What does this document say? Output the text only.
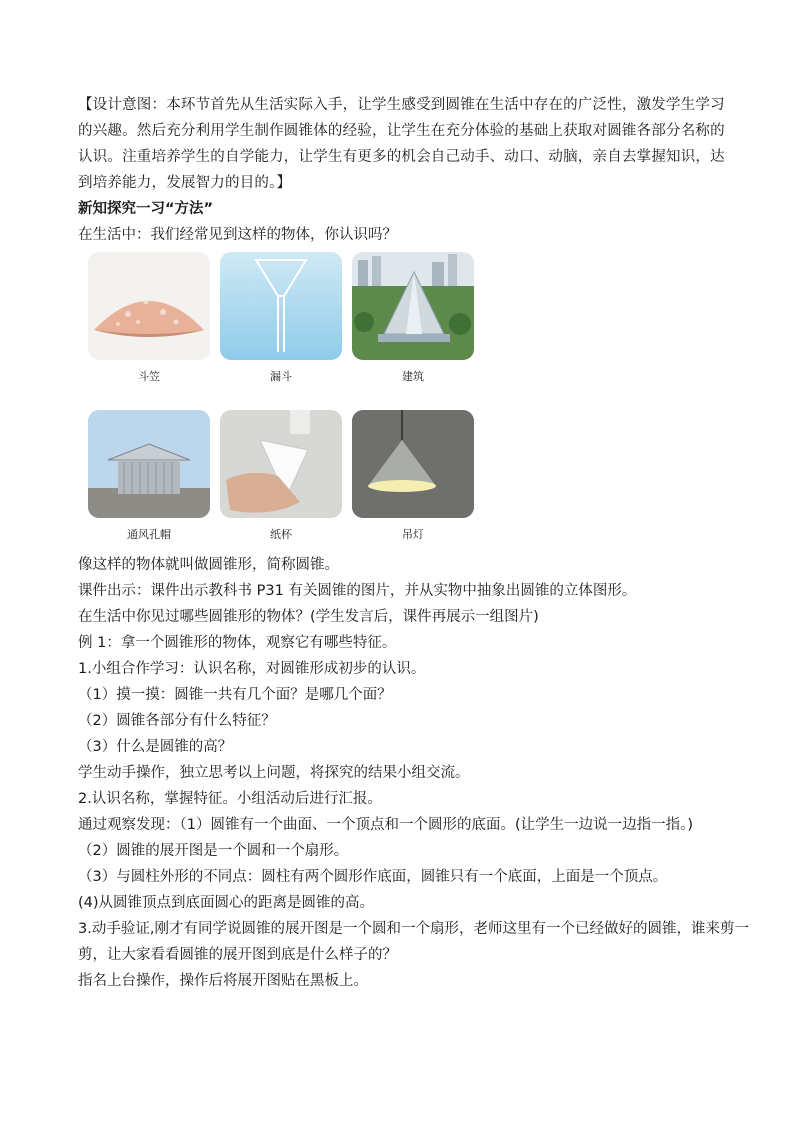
【设计意图：本环节首先从生活实际入手，让学生感受到圆锥在生活中存在的广泛性，激发学生学习的兴趣。然后充分利用学生制作圆锥体的经验，让学生在充分体验的基础上获取对圆锥各部分名称的认识。注重培养学生的自学能力，让学生有更多的机会自己动手、动口、动脑，亲自去掌握知识，达到培养能力，发展智力的目的。】

新知探究一习“方法”

在生活中：我们经常见到这样的物体，你认识吗？

斗笠	漏斗	建筑
通风孔帽	纸杯	吊灯

像这样的物体就叫做圆锥形，简称圆锥。

课件出示：课件出示教科书 P31 有关圆锥的图片，并从实物中抽象出圆锥的立体图形。

在生活中你见过哪些圆锥形的物体？(学生发言后，课件再展示一组图片)

例 1：拿一个圆锥形的物体，观察它有哪些特征。

1.小组合作学习：认识名称，对圆锥形成初步的认识。

（1）摸一摸：圆锥一共有几个面？是哪几个面？

（2）圆锥各部分有什么特征？

（3）什么是圆锥的高？

学生动手操作，独立思考以上问题，将探究的结果小组交流。

2.认识名称，掌握特征。小组活动后进行汇报。

通过观察发现：（1）圆锥有一个曲面、一个顶点和一个圆形的底面。(让学生一边说一边指一指。)

（2）圆锥的展开图是一个圆和一个扇形。

（3）与圆柱外形的不同点：圆柱有两个圆形作底面，圆锥只有一个底面，上面是一个顶点。

(4)从圆锥顶点到底面圆心的距离是圆锥的高。

3.动手验证,刚才有同学说圆锥的展开图是一个圆和一个扇形，老师这里有一个已经做好的圆锥，谁来剪一

剪，让大家看看圆锥的展开图到底是什么样子的？

指名上台操作，操作后将展开图贴在黑板上。
